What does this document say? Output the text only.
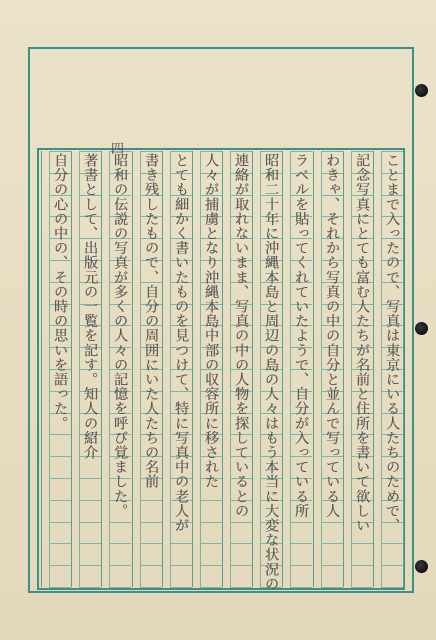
四
ことまで入ったので、写真は東京にいる人たちのためで、
記念写真にとても富む人たちが名前と住所を書いて欲しい
わきゃ、それから写真の中の自分と並んで写っている人
ラベルを貼ってくれていたようで、自分が入っている所
昭和二十年に沖縄本島と周辺の島の人々はもう本当に大変な状況の
連絡が取れないまま、写真の中の人物を探しているとの
人々が捕虜となり沖縄本島中部の収容所に移された
とても細かく書いたものを見つけて、特に写真中の老人が
書き残したもので、自分の周囲にいた人たちの名前
昭和の伝説の写真が多くの人々の記憶を呼び覚ました。
著書として、出版元の一覧を記す。知人の紹介
自分の心の中の、その時の思いを語った。
